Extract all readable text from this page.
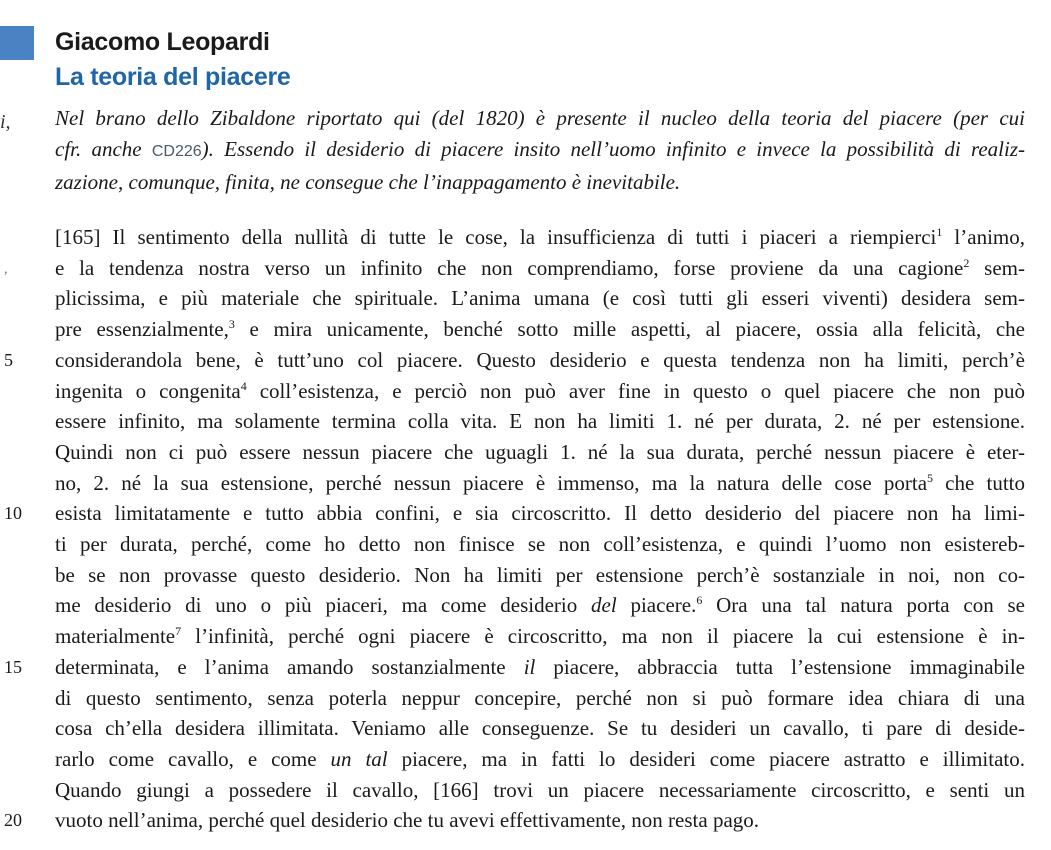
i,
,
Giacomo Leopardi
La teoria del piacere
Nel brano dello Zibaldone riportato qui (del 1820) è presente il nucleo della teoria del piacere (per cui
cfr. anche CD226). Essendo il desiderio di piacere insito nell’uomo infinito e invece la possibilità di realiz-
zazione, comunque, finita, ne consegue che l’inappagamento è inevitabile.
[165] Il sentimento della nullità di tutte le cose, la insufficienza di tutti i piaceri a riempierci$^1$ l’animo,
e la tendenza nostra verso un infinito che non comprendiamo, forse proviene da una cagione$^2$ sem-
plicissima, e più materiale che spirituale. L’anima umana (e così tutti gli esseri viventi) desidera sem-
pre essenzialmente,$^3$ e mira unicamente, benché sotto mille aspetti, al piacere, ossia alla felicità, che
5	considerandola bene, è tutt’uno col piacere. Questo desiderio e questa tendenza non ha limiti, perch’è
ingenita o congenita$^4$ coll’esistenza, e perciò non può aver fine in questo o quel piacere che non può
essere infinito, ma solamente termina colla vita. E non ha limiti 1. né per durata, 2. né per estensione.
Quindi non ci può essere nessun piacere che uguagli 1. né la sua durata, perché nessun piacere è eter-
no, 2. né la sua estensione, perché nessun piacere è immenso, ma la natura delle cose porta$^5$ che tutto
10 esista limitatamente e tutto abbia confini, e sia circoscritto. Il detto desiderio del piacere non ha limi-
ti per durata, perché, come ho detto non finisce se non coll’esistenza, e quindi l’uomo non esistereb-
be se non provasse questo desiderio. Non ha limiti per estensione perch’è sostanziale in noi, non co-
me desiderio di uno o più piaceri, ma come desiderio del piacere.$^6$ Ora una tal natura porta con se
materialmente$^7$ l’infinità, perché ogni piacere è circoscritto, ma non il piacere la cui estensione è in-
15 determinata, e l’anima amando sostanzialmente il piacere, abbraccia tutta l’estensione immaginabile
di questo sentimento, senza poterla neppur concepire, perché non si può formare idea chiara di una
cosa ch’ella desidera illimitata. Veniamo alle conseguenze. Se tu desideri un cavallo, ti pare di deside-
rarlo come cavallo, e come un tal piacere, ma in fatti lo desideri come piacere astratto e illimitato.
Quando giungi a possedere il cavallo, [166] trovi un piacere necessariamente circoscritto, e senti un
20 vuoto nell’anima, perché quel desiderio che tu avevi effettivamente, non resta pago.
